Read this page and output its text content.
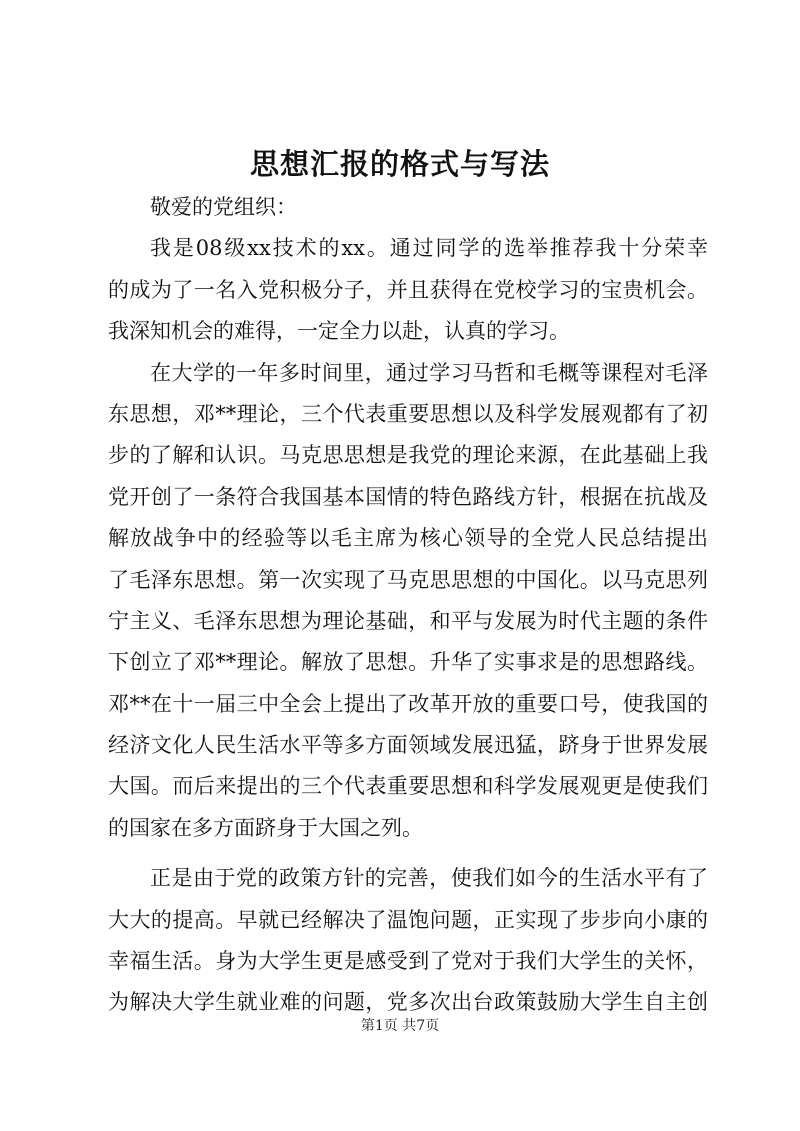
思想汇报的格式与写法
敬爱的党组织：
我是08级xx技术的xx。通过同学的选举推荐我十分荣幸
的成为了一名入党积极分子，并且获得在党校学习的宝贵机会。
我深知机会的难得，一定全力以赴，认真的学习。
在大学的一年多时间里，通过学习马哲和毛概等课程对毛泽
东思想，邓**理论，三个代表重要思想以及科学发展观都有了初
步的了解和认识。马克思思想是我党的理论来源，在此基础上我
党开创了一条符合我国基本国情的特色路线方针，根据在抗战及
解放战争中的经验等以毛主席为核心领导的全党人民总结提出
了毛泽东思想。第一次实现了马克思思想的中国化。以马克思列
宁主义、毛泽东思想为理论基础，和平与发展为时代主题的条件
下创立了邓**理论。解放了思想。升华了实事求是的思想路线。
邓**在十一届三中全会上提出了改革开放的重要口号，使我国的
经济文化人民生活水平等多方面领域发展迅猛，跻身于世界发展
大国。而后来提出的三个代表重要思想和科学发展观更是使我们
的国家在多方面跻身于大国之列。
正是由于党的政策方针的完善，使我们如今的生活水平有了
大大的提高。早就已经解决了温饱问题，正实现了步步向小康的
幸福生活。身为大学生更是感受到了党对于我们大学生的关怀，
为解决大学生就业难的问题，党多次出台政策鼓励大学生自主创
第1页 共7页
